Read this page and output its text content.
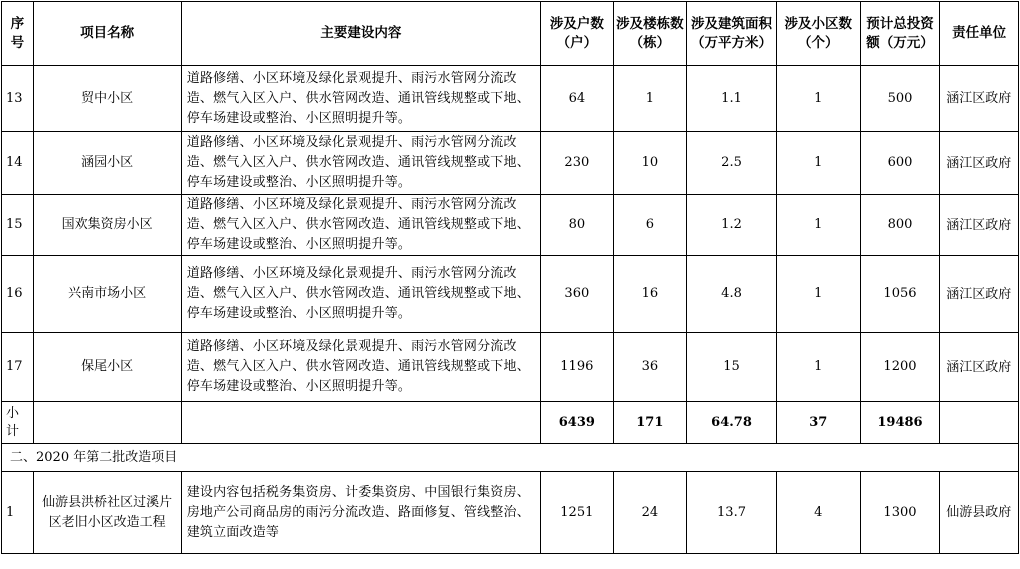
序号	项目名称	主要建设内容	涉及户数（户）	涉及楼栋数（栋）	涉及建筑面积（万平方米）	涉及小区数（个）	预计总投资额（万元）	责任单位
13	贸中小区	道路修缮、小区环境及绿化景观提升、雨污水管网分流改造、燃气入区入户、供水管网改造、通讯管线规整或下地、停车场建设或整治、小区照明提升等。	64	1	1.1	1	500	涵江区政府
14	涵园小区	道路修缮、小区环境及绿化景观提升、雨污水管网分流改造、燃气入区入户、供水管网改造、通讯管线规整或下地、停车场建设或整治、小区照明提升等。	230	10	2.5	1	600	涵江区政府
15	国欢集资房小区	道路修缮、小区环境及绿化景观提升、雨污水管网分流改造、燃气入区入户、供水管网改造、通讯管线规整或下地、停车场建设或整治、小区照明提升等。	80	6	1.2	1	800	涵江区政府
16	兴南市场小区	道路修缮、小区环境及绿化景观提升、雨污水管网分流改造、燃气入区入户、供水管网改造、通讯管线规整或下地、停车场建设或整治、小区照明提升等。	360	16	4.8	1	1056	涵江区政府
17	保尾小区	道路修缮、小区环境及绿化景观提升、雨污水管网分流改造、燃气入区入户、供水管网改造、通讯管线规整或下地、停车场建设或整治、小区照明提升等。	1196	36	15	1	1200	涵江区政府
小计			6439	171	64.78	37	19486	
二、2020 年第二批改造项目								
1	仙游县洪桥社区过溪片区老旧小区改造工程	建设内容包括税务集资房、计委集资房、中国银行集资房、房地产公司商品房的雨污分流改造、路面修复、管线整治、建筑立面改造等	1251	24	13.7	4	1300	仙游县政府
